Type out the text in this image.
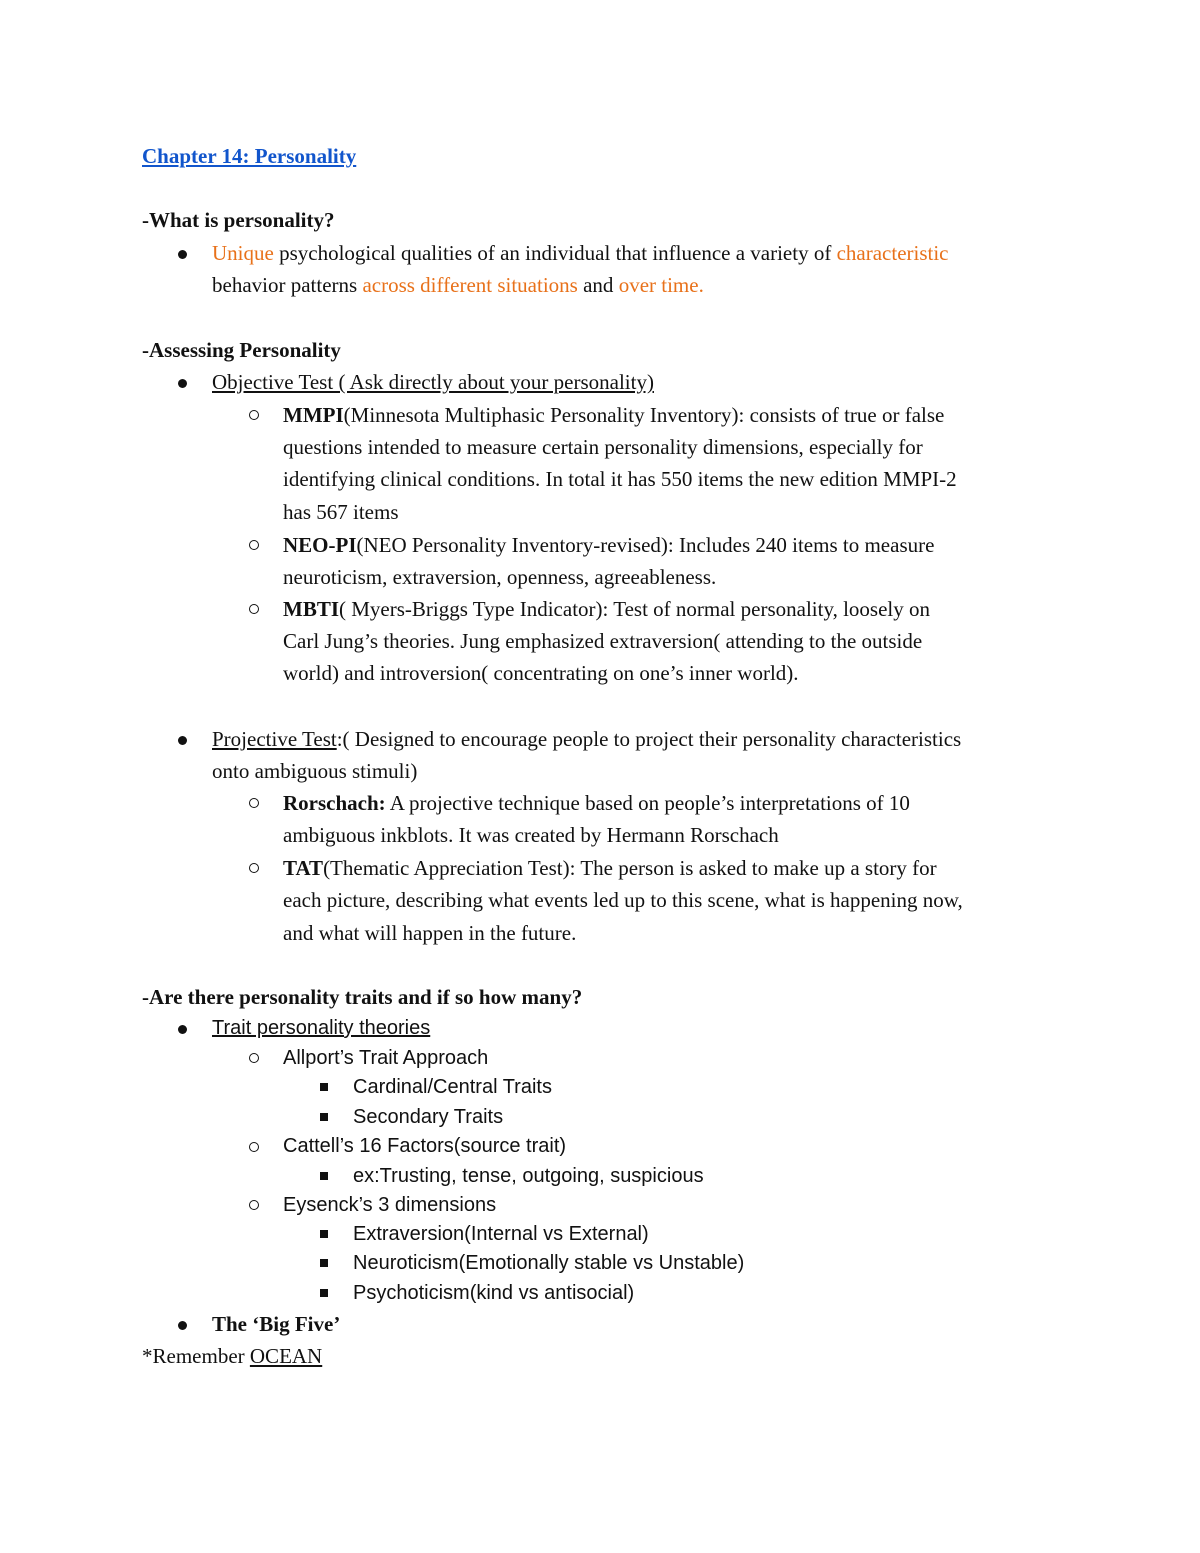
Chapter 14: Personality
-What is personality?
Unique psychological qualities of an individual that influence a variety of characteristic
behavior patterns across different situations and over time.
-Assessing Personality
Objective Test ( Ask directly about your personality)
MMPI(Minnesota Multiphasic Personality Inventory): consists of true or false
questions intended to measure certain personality dimensions, especially for
identifying clinical conditions. In total it has 550 items the new edition MMPI-2
has 567 items
NEO-PI(NEO Personality Inventory-revised): Includes 240 items to measure
neuroticism, extraversion, openness, agreeableness.
MBTI( Myers-Briggs Type Indicator): Test of normal personality, loosely on
Carl Jung’s theories. Jung emphasized extraversion( attending to the outside
world) and introversion( concentrating on one’s inner world).
Projective Test:( Designed to encourage people to project their personality characteristics
onto ambiguous stimuli)
Rorschach: A projective technique based on people’s interpretations of 10
ambiguous inkblots. It was created by Hermann Rorschach
TAT(Thematic Appreciation Test): The person is asked to make up a story for
each picture, describing what events led up to this scene, what is happening now,
and what will happen in the future.
-Are there personality traits and if so how many?
Trait personality theories
Allport’s Trait Approach
Cardinal/Central Traits
Secondary Traits
Cattell’s 16 Factors(source trait)
ex:Trusting, tense, outgoing, suspicious
Eysenck’s 3 dimensions
Extraversion(Internal vs External)
Neuroticism(Emotionally stable vs Unstable)
Psychoticism(kind vs antisocial)
The ‘Big Five’
*Remember OCEAN
